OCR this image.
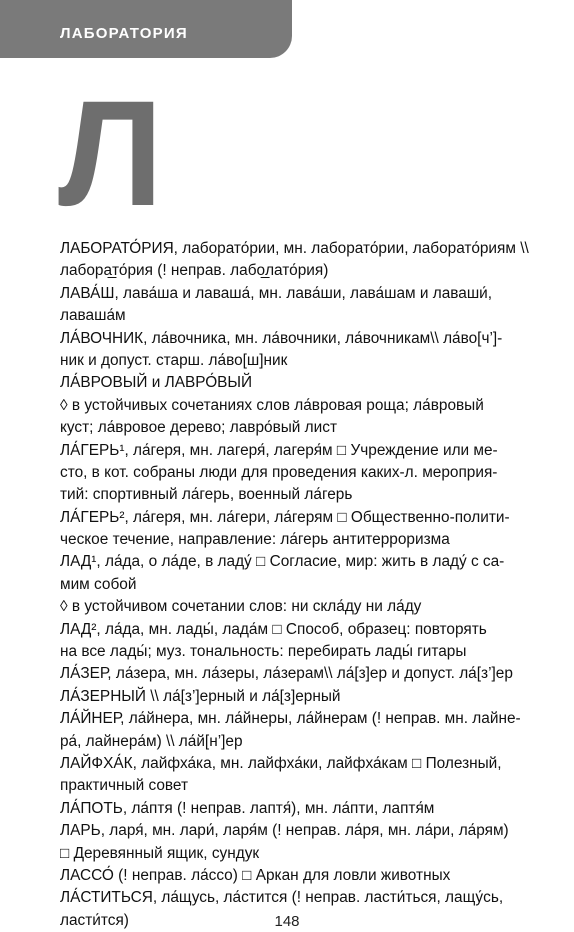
ЛАБОРАТОРИЯ
Л
ЛАБОРАТО́РИЯ, лаборато́рии, мн. лаборато́рии, лаборато́риям \\
лабора̲то́рия (! неправ. лабо̲лато́рия)
ЛАВА́Ш, лава́ша и лаваша́, мн. лава́ши, лава́шам и лаваши́,
лаваша́м
ЛА́ВОЧНИК, ла́вочника, мн. ла́вочники, ла́вочникам\\ ла́во[ч’]-
ник и допуст. старш. ла́во[ш]ник
ЛА́ВРОВЫЙ и ЛАВРО́ВЫЙ
◊ в устойчивых сочетаниях слов ла́вровая роща; ла́вровый
куст; ла́вровое дерево; лавро́вый лист
ЛА́ГЕРЬ¹, ла́геря, мн. лагеря́, лагеря́м □ Учреждение или ме-
сто, в кот. собраны люди для проведения каких-л. мероприя-
тий: спортивный ла́герь, военный ла́герь
ЛА́ГЕРЬ², ла́геря, мн. ла́гери, ла́герям □ Общественно-полити-
ческое течение, направление: ла́герь антитерроризма
ЛАД¹, ла́да, о ла́де, в ладу́ □ Согласие, мир: жить в ладу́ с са-
мим собой
◊ в устойчивом сочетании слов: ни скла́ду ни ла́ду
ЛАД², ла́да, мн. лады́, лада́м □ Способ, образец: повторять
на все лады́; муз. тональность: перебирать лады́ гитары
ЛА́ЗЕР, ла́зера, мн. ла́зеры, ла́зерам\\ ла́[з]ер и допуст. ла́[з’]ер
ЛА́ЗЕРНЫЙ \\ ла́[з’]ерный и ла́[з]ерный
ЛА́ЙНЕР, ла́йнера, мн. ла́йнеры, ла́йнерам (! неправ. мн. лайне-
ра́, лайнера́м) \\ ла́й[н’]ер
ЛАЙФХА́К, лайфха́ка, мн. лайфха́ки, лайфха́кам □ Полезный,
практичный совет
ЛА́ПОТЬ, ла́птя (! неправ. лаптя́), мн. ла́пти, лаптя́м
ЛАРЬ, ларя́, мн. лари́, ларя́м (! неправ. ла́ря, мн. ла́ри, ла́рям)
□ Деревянный ящик, сундук
ЛАССО́ (! неправ. ла́ссо) □ Аркан для ловли животных
ЛА́СТИТЬСЯ, ла́щусь, ла́стится (! неправ. ласти́ться, лащу́сь,
ласти́тся)	148
